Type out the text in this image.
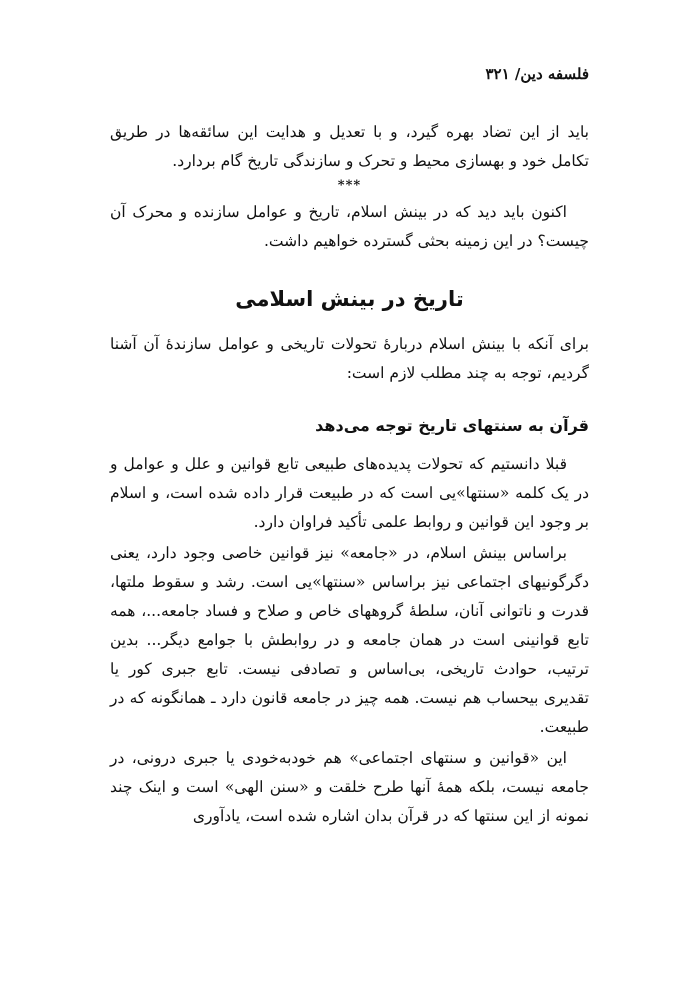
فلسفه دین/ ۳۲۱

باید از این تضاد بهره گیرد، و با تعدیل و هدایت این سائقه‌ها در طریق تکامل خود و بهسازی محیط و تحرک و سازندگی تاریخ گام بردارد.

***

اکنون باید دید که در بینش اسلام، تاریخ و عوامل سازنده و محرک آن چیست؟ در این زمینه بحثی گسترده خواهیم داشت.

تاریخ در بینش اسلامی

برای آنکه با بینش اسلام دربارهٔ تحولات تاریخی و عوامل سازندهٔ آن آشنا گردیم، توجه به چند مطلب لازم است:

قرآن به سنتهای تاریخ توجه می‌دهد

قبلا دانستیم که تحولات پدیده‌های طبیعی تابع قوانین و علل و عوامل و در یک کلمه «سنتها»یی است که در طبیعت قرار داده شده است، و اسلام بر وجود این قوانین و روابط علمی تأکید فراوان دارد.

براساس بینش اسلام، در «جامعه» نیز قوانین خاصی وجود دارد، یعنی دگرگونیهای اجتماعی نیز براساس «سنتها»یی است. رشد و سقوط ملتها، قدرت و ناتوانی آنان، سلطهٔ گروههای خاص و صلاح و فساد جامعه...، همه تابع قوانینی است در همان جامعه و در روابطش با جوامع دیگر... بدین ترتیب، حوادث تاریخی، بی‌اساس و تصادفی نیست. تابع جبری کور یا تقدیری بیحساب هم نیست. همه چیز در جامعه قانون دارد ـ همانگونه که در طبیعت.

این «قوانین و سنتهای اجتماعی» هم خودبه‌خودی یا جبری درونی، در جامعه نیست، بلکه همهٔ آنها طرح خلقت و «سنن الهی» است و اینک چند نمونه از این سنتها که در قرآن بدان اشاره شده است، یادآوری
